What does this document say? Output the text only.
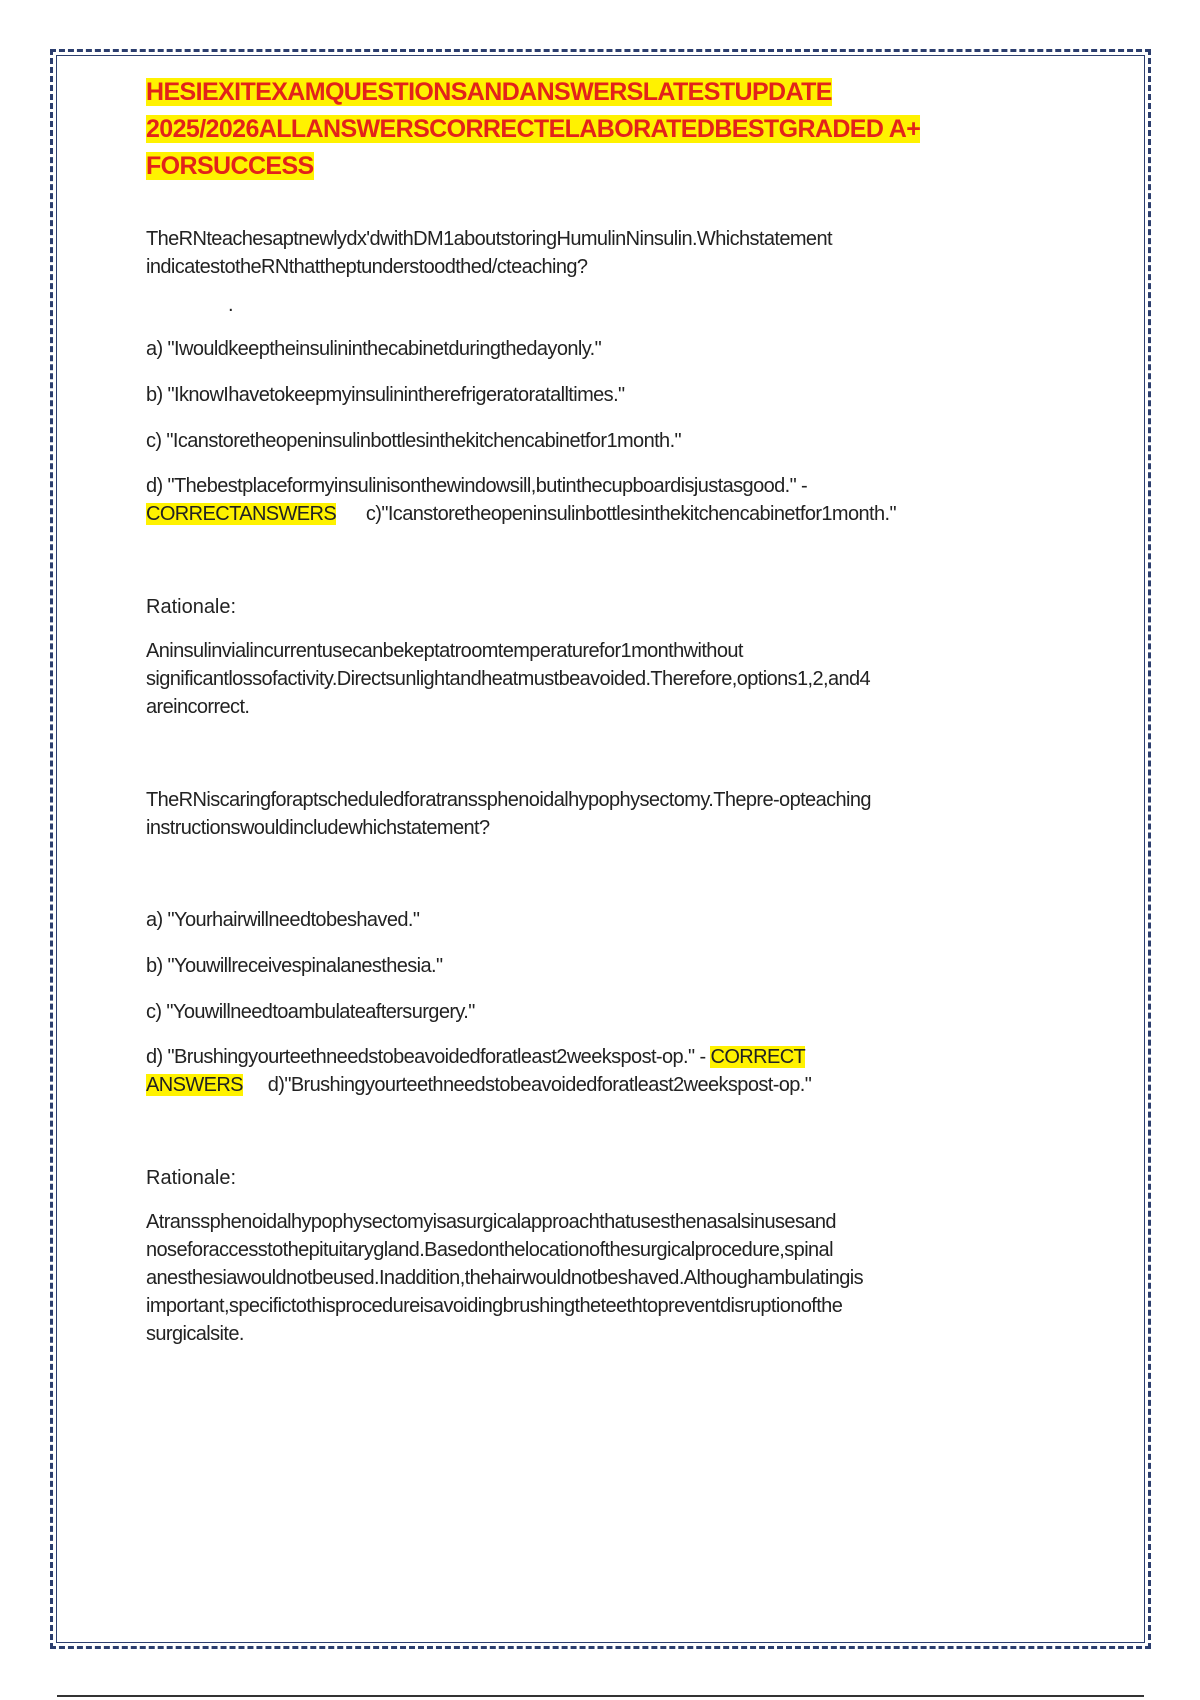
HESIEXITEXAMQUESTIONSANDANSWERSLATESTUPDATE
2025/2026ALLANSWERSCORRECTELABORATEDBESTGRADED A+
FORSUCCESS

TheRNteachesaptnewlydx'dwithDM1aboutstoringHumulinNinsulin.Whichstatement
indicatestotheRNthattheptunderstoodthed/cteaching?

.

a) "Iwouldkeeptheinsulininthecabinetduringthedayonly."

b) "IknowIhavetokeepmyinsulinintherefrigeratoratalltimes."

c) "Icanstoretheopeninsulinbottlesinthekitchencabinetfor1month."

d) "Thebestplaceformyinsulinisonthewindowsill,butinthecupboardisjustasgood." -
CORRECTANSWERS c)"Icanstoretheopeninsulinbottlesinthekitchencabinetfor1month."

Rationale:

Aninsulinvialincurrentusecanbekeptatroomtemperaturefor1monthwithout
significantlossofactivity.Directsunlightandheatmustbeavoided.Therefore,options1,2,and4
areincorrect.

TheRNiscaringforaptscheduledforatranssphenoidalhypophysectomy.Thepre-opteaching
instructionswouldincludewhichstatement?

a) "Yourhairwillneedtobeshaved."

b) "Youwillreceivespinalanesthesia."

c) "Youwillneedtoambulateaftersurgery."

d) "Brushingyourteethneedstobeavoidedforatleast2weekspost-op." - CORRECT
ANSWERS d)"Brushingyourteethneedstobeavoidedforatleast2weekspost-op."

Rationale:

Atranssphenoidalhypophysectomyisasurgicalapproachthatusesthenasalsinusesand
noseforaccesstothepituitarygland.Basedonthelocationofthesurgicalprocedure,spinal
anesthesiawouldnotbeused.Inaddition,thehairwouldnotbeshaved.Althoughambulatingis
important,specifictothisprocedureisavoidingbrushingtheteethtopreventdisruptionofthe
surgicalsite.
